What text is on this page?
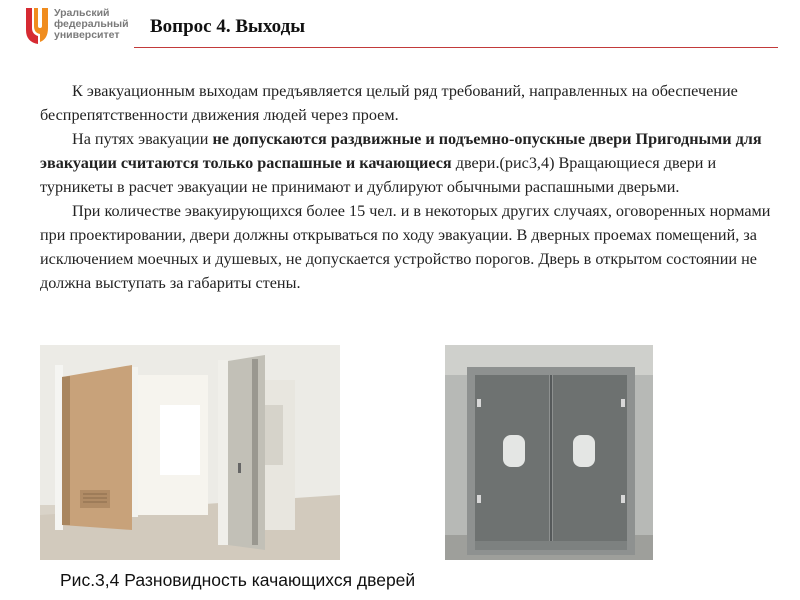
Уральский
федеральный
университет	Вопрос 4. Выходы

К эвакуационным выходам предъявляется целый ряд требований, направленных на обеспечение беспрепятственности движения людей через проем.

На путях эвакуации не допускаются раздвижные и подъемно-опускные двери Пригодными для эвакуации считаются только распашные и качающиеся двери.(рис3,4) Вращающиеся двери и турникеты в расчет эвакуации не принимают и дублируют обычными распашными дверьми.

При количестве эвакуирующихся более 15 чел. и в некоторых других случаях, оговоренных нормами при проектировании, двери должны открываться по ходу эвакуации. В дверных проемах помещений, за исключением моечных и душевых, не допускается устройство порогов. Дверь в открытом состоянии не должна выступать за габариты стены.

Рис.3,4 Разновидность качающихся дверей
